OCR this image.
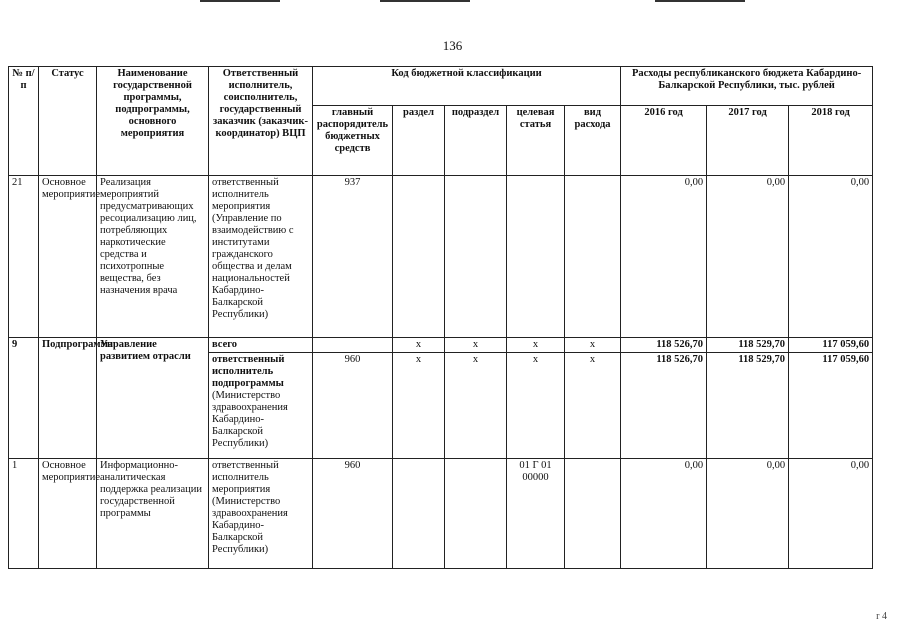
136
№ п/п	Статус	Наименование государственной программы, подпрограммы, основного мероприятия	Ответственный исполнитель, соисполнитель, государственный заказчик (заказчик-координатор) ВЦП	Код бюджетной классификации					Расходы республиканского бюджета Кабардино-Балкарской Республики, тыс. рублей		
				главный распорядитель бюджетных средств	раздел	подраздел	целевая статья	вид расхода	2016 год	2017 год	2018 год
21	Основное мероприятие	Реализация мероприятий предусматривающих ресоциализацию лиц, потребляющих наркотические средства и психотропные вещества, без назначения врача	ответственный исполнитель мероприятия (Управление по взаимодействию с институтами гражданского общества и делам национальностей Кабардино-Балкарской Республики)	937					0,00	0,00	0,00
9	Подпрограмма	Управление развитием отрасли	всего		x	x	x	x	118 526,70	118 529,70	117 059,60
			ответственный исполнитель подпрограммы (Министерство здравоохранения Кабардино-Балкарской Республики)	960	x	x	x	x	118 526,70	118 529,70	117 059,60
1	Основное мероприятие	Информационно-аналитическая поддержка реализации государственной программы	ответственный исполнитель мероприятия (Министерство здравоохранения Кабардино-Балкарской Республики)	960			01 Г 01 00000		0,00	0,00	0,00
r 4
